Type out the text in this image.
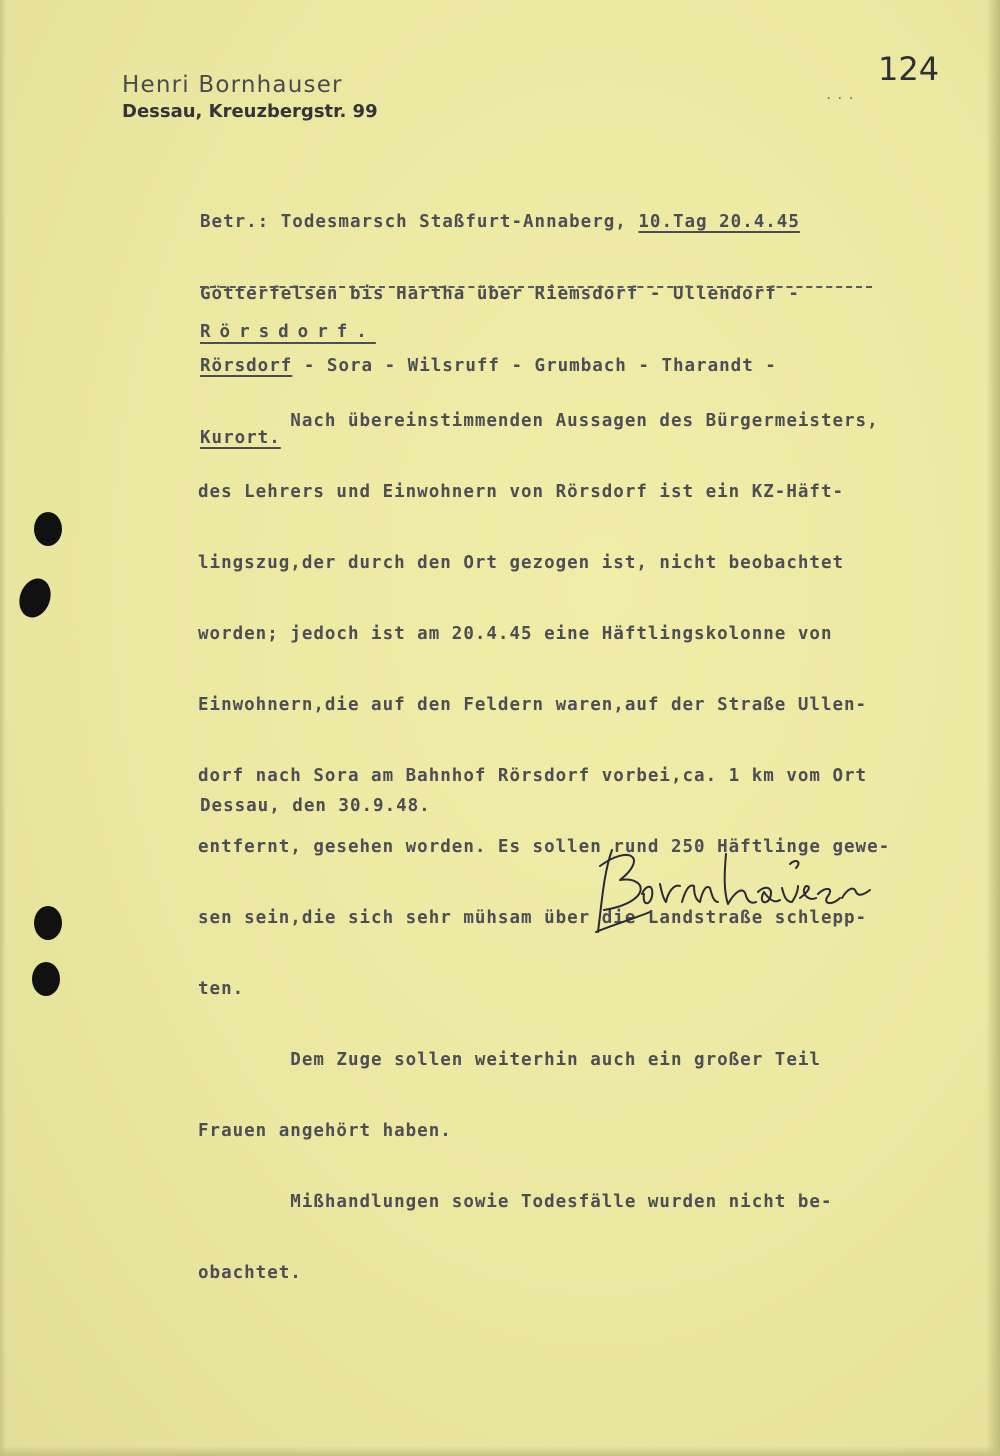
Henri Bornhauser
Dessau, Kreuzbergstr. 99
...
124

Betr.: Todesmarsch Staßfurt-Annaberg, 10.Tag 20.4.45

Götterfelsen bis Hartha über Riemsdorf - Ullendorf -

Rörsdorf - Sora - Wilsruff - Grumbach - Tharandt -

Kurort.

Rörsdorf.

Nach übereinstimmenden Aussagen des Bürgermeisters,

des Lehrers und Einwohnern von Rörsdorf ist ein KZ-Häft-

lingszug,der durch den Ort gezogen ist, nicht beobachtet

worden; jedoch ist am 20.4.45 eine Häftlingskolonne von

Einwohnern,die auf den Feldern waren,auf der Straße Ullen-

dorf nach Sora am Bahnhof Rörsdorf vorbei,ca. 1 km vom Ort

entfernt, gesehen worden. Es sollen rund 250 Häftlinge gewe-

sen sein,die sich sehr mühsam über die Landstraße schlepp-

ten.

Dem Zuge sollen weiterhin auch ein großer Teil

Frauen angehört haben.

Mißhandlungen sowie Todesfälle wurden nicht be-

obachtet.

Dessau, den 30.9.48.
